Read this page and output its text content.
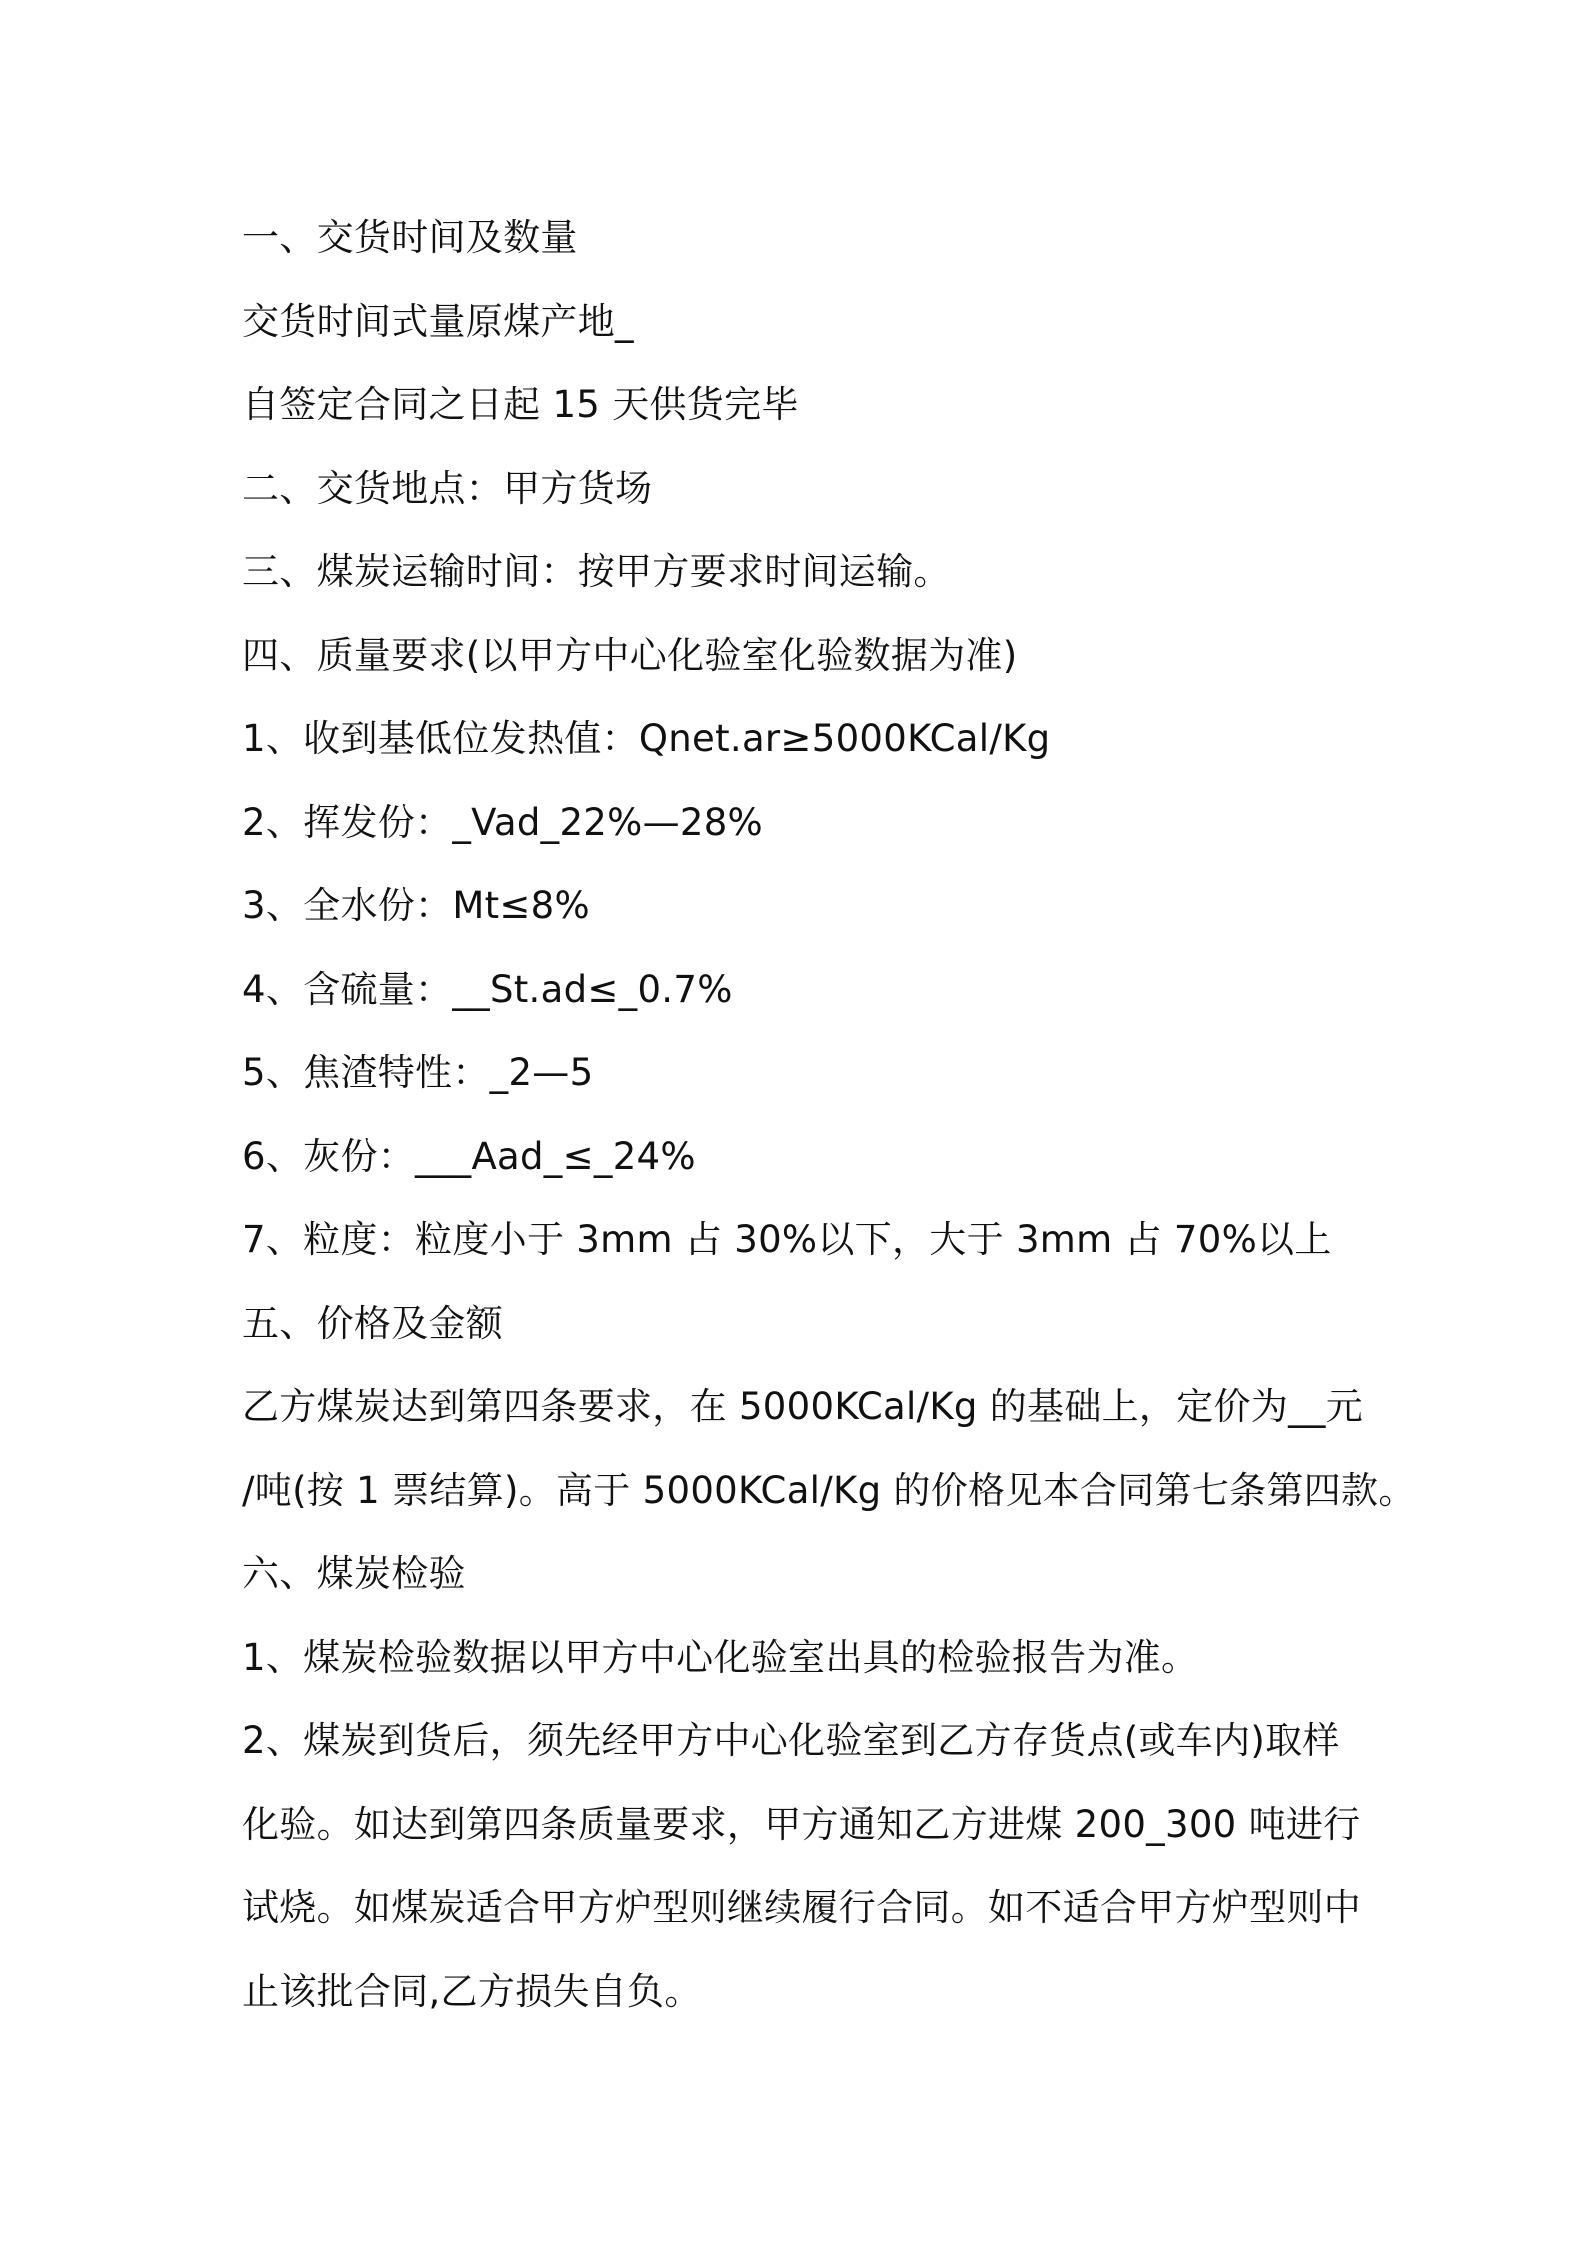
一、交货时间及数量

交货时间式量原煤产地_

自签定合同之日起 15 天供货完毕

二、交货地点：甲方货场

三、煤炭运输时间：按甲方要求时间运输。

四、质量要求(以甲方中心化验室化验数据为准)

1、收到基低位发热值：Qnet.ar≥5000KCal/Kg

2、挥发份：_Vad_22%—28%

3、全水份：Mt≤8%

4、含硫量：__St.ad≤_0.7%

5、焦渣特性：_2—5

6、灰份：___Aad_≤_24%

7、粒度：粒度小于 3mm 占 30%以下，大于 3mm 占 70%以上

五、价格及金额

乙方煤炭达到第四条要求，在 5000KCal/Kg 的基础上，定价为__元

/吨(按 1 票结算)。高于 5000KCal/Kg 的价格见本合同第七条第四款。

六、煤炭检验

1、煤炭检验数据以甲方中心化验室出具的检验报告为准。

2、煤炭到货后，须先经甲方中心化验室到乙方存货点(或车内)取样

化验。如达到第四条质量要求，甲方通知乙方进煤 200_300 吨进行

试烧。如煤炭适合甲方炉型则继续履行合同。如不适合甲方炉型则中

止该批合同,乙方损失自负。
